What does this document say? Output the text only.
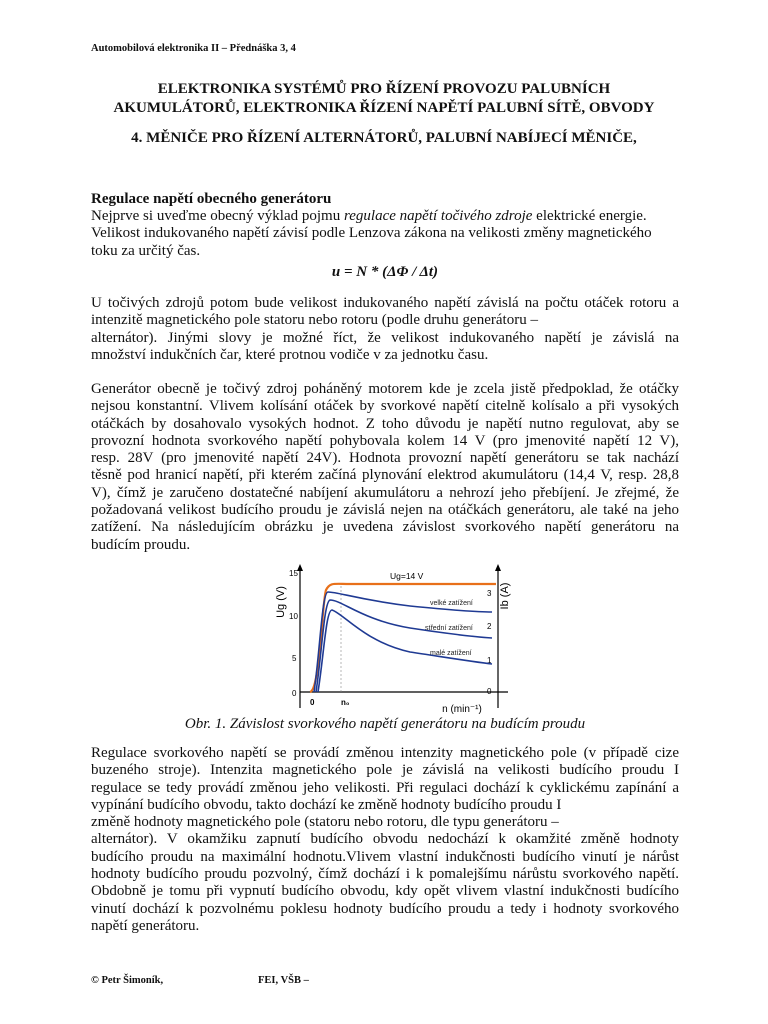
Automobilová elektronika II – Přednáška 3, 4
ELEKTRONIKA SYSTÉMŮ PRO ŘÍZENÍ PROVOZU PALUBNÍCH
AKUMULÁTORŮ, ELEKTRONIKA ŘÍZENÍ NAPĚTÍ PALUBNÍ SÍTĚ, OBVODY
4. MĚNIČE PRO ŘÍZENÍ ALTERNÁTORŮ, PALUBNÍ NABÍJECÍ MĚNIČE,
Regulace napětí obecného generátoru
Nejprve si uveďme obecný výklad pojmu regulace napětí točivého zdroje elektrické energie.
Velikost indukovaného napětí závisí podle Lenzova zákona na velikosti změny magnetického
toku za určitý čas.
u = N * (ΔΦ / Δt)
U točivých zdrojů potom bude velikost indukovaného napětí závislá na počtu otáček rotoru a
intenzitě magnetického pole statoru nebo rotoru (podle druhu generátoru –
alternátor). Jinými slovy je možné říct, že velikost indukovaného napětí je závislá na
množství indukčních čar, které protnou vodiče v za jednotku času.
Generátor obecně je točivý zdroj poháněný motorem kde je zcela jistě předpoklad, že otáčky
nejsou konstantní. Vlivem kolísání otáček by svorkové napětí citelně kolísalo a při vysokých
otáčkách by dosahovalo vysokých hodnot. Z toho důvodu je napětí nutno regulovat, aby se
provozní hodnota svorkového napětí pohybovala kolem 14 V (pro jmenovité napětí 12 V),
resp. 28V (pro jmenovité napětí 24V). Hodnota provozní napětí generátoru se tak nachází
těsně pod hranicí napětí, při kterém začíná plynování elektrod akumulátoru (14,4 V, resp. 28,8
V), čímž je zaručeno dostatečné nabíjení akumulátoru a nehrozí jeho přebíjení. Je zřejmé, že
požadovaná velikost budícího proudu je závislá nejen na otáčkách generátoru, ale také na jeho
zatížení. Na následujícím obrázku je uvedena závislost svorkového napětí generátoru na
budícím proudu.
Ug (V)	Ib (A)
15
10
5
0
3
2
1
0
0	n₀
n (min⁻¹)
Ug=14 V
velké zatížení
střední zatížení
malé zatížení
Obr. 1. Závislost svorkového napětí generátoru na budícím proudu
Regulace svorkového napětí se provádí změnou intenzity magnetického pole (v případě cize
buzeného stroje). Intenzita magnetického pole je závislá na velikosti budícího proudu I
regulace se tedy provádí změnou jeho velikosti. Při regulaci dochází k cyklickému zapínání a
vypínání budícího obvodu, takto dochází ke změně hodnoty budícího proudu I
změně hodnoty magnetického pole (statoru nebo rotoru, dle typu generátoru –
alternátor). V okamžiku zapnutí budícího obvodu nedochází k okamžité změně hodnoty
budícího proudu na maximální hodnotu.Vlivem vlastní indukčnosti budícího vinutí je nárůst
hodnoty budícího proudu pozvolný, čímž dochází i k pomalejšímu nárůstu svorkového napětí.
Obdobně je tomu při vypnutí budícího obvodu, kdy opět vlivem vlastní indukčnosti budícího
vinutí dochází k pozvolnému poklesu hodnoty budícího proudu a tedy i hodnoty svorkového
napětí generátoru.
© Petr Šimoník,	FEI, VŠB –
